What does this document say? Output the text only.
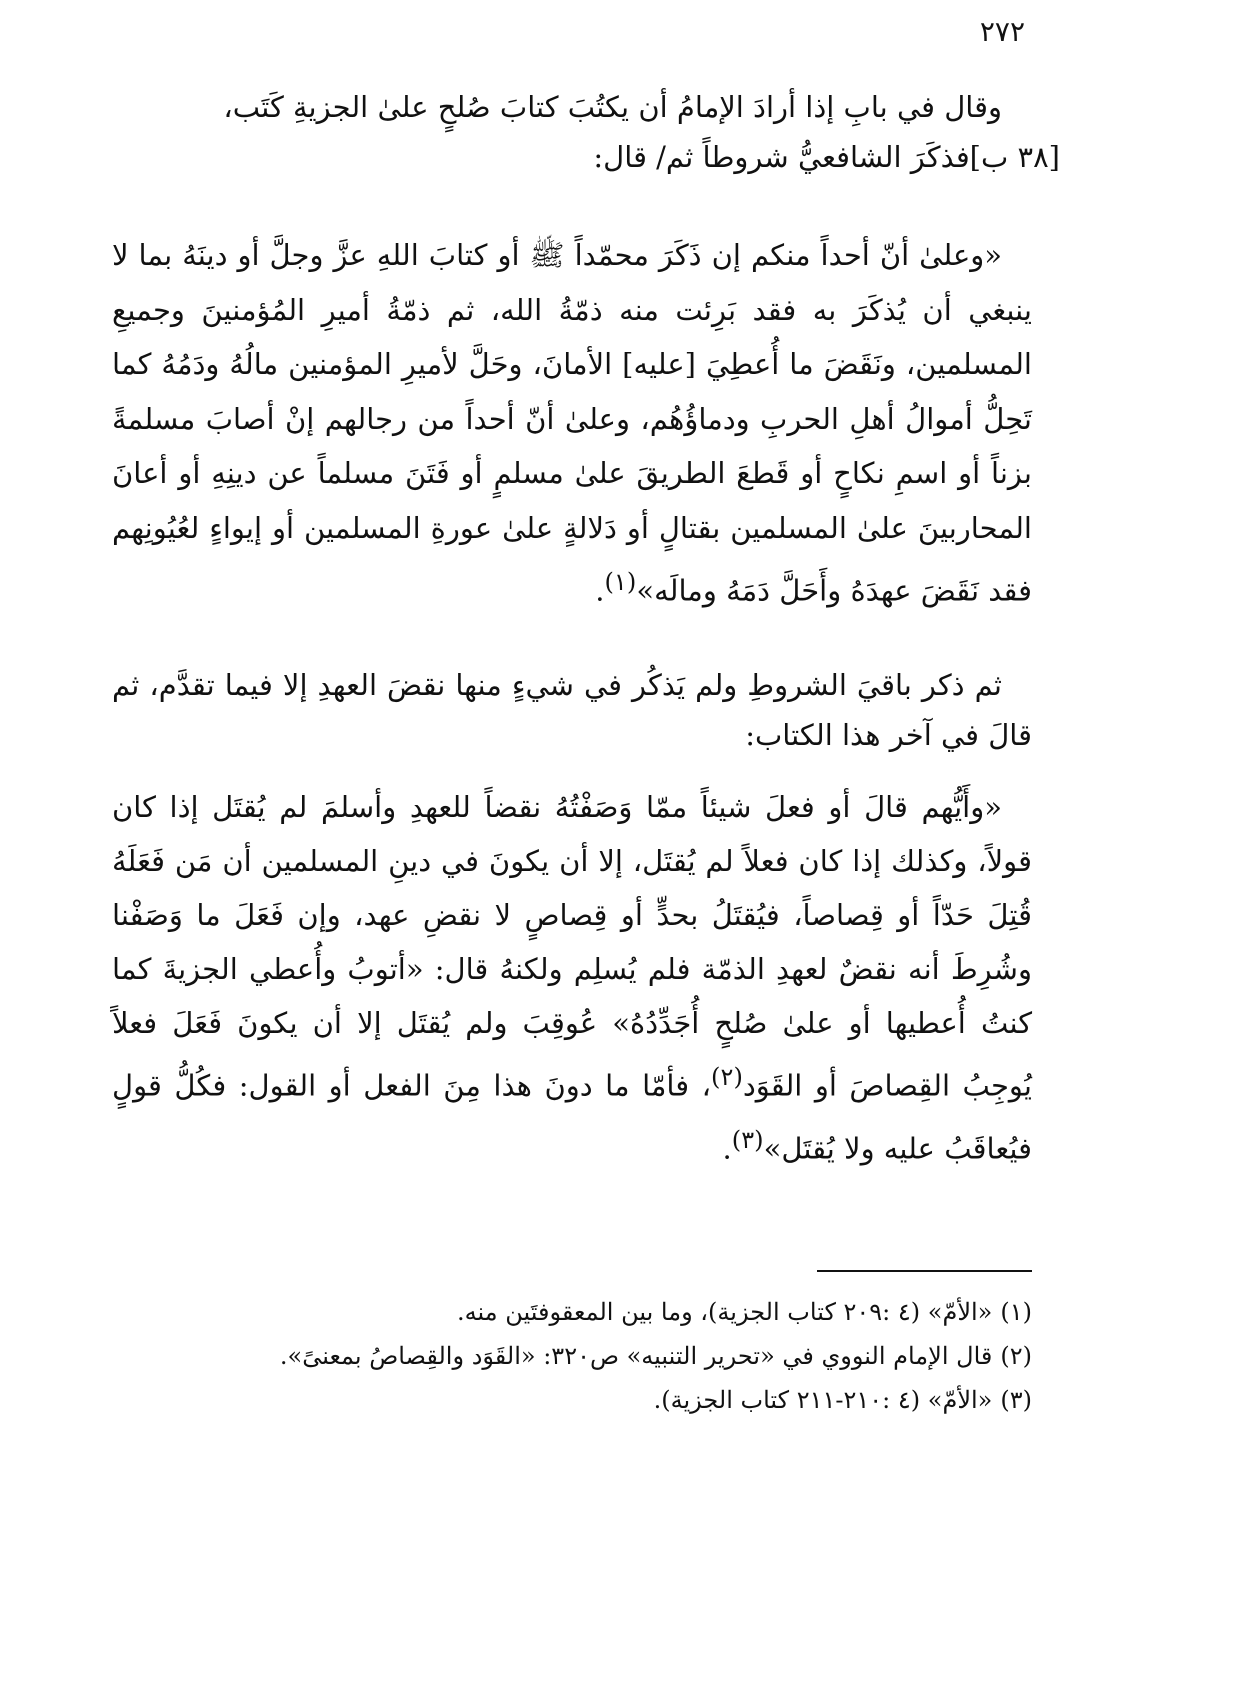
٢٧٢

وقال في بابِ إذا أرادَ الإمامُ أن يكتُبَ كتابَ صُلحٍ علىٰ الجزيةِ كَتَب،

[٣٨ ب]فذكَرَ الشافعيُّ شروطاً ثم/ قال:

«وعلىٰ أنّ أحداً منكم إن ذَكَرَ محمّداً ﷺ أو كتابَ اللهِ عزَّ وجلَّ أو دينَهُ بما لا ينبغي أن يُذكَرَ به فقد بَرِئت منه ذمّةُ الله، ثم ذمّةُ أميرِ المُؤمنينَ وجميعِ المسلمين، ونَقَضَ ما أُعطِيَ [عليه] الأمانَ، وحَلَّ لأميرِ المؤمنين مالُهُ ودَمُهُ كما تَحِلُّ أموالُ أهلِ الحربِ ودماؤُهُم، وعلىٰ أنّ أحداً من رجالهم إنْ أصابَ مسلمةً بزناً أو اسمِ نكاحٍ أو قَطعَ الطريقَ علىٰ مسلمٍ أو فَتَنَ مسلماً عن دينِهِ أو أعانَ المحاربينَ علىٰ المسلمين بقتالٍ أو دَلالةٍ علىٰ عورةِ المسلمين أو إيواءٍ لعُيُونِهم فقد نَقَضَ عهدَهُ وأَحَلَّ دَمَهُ ومالَه»$^{(١)}$.

ثم ذكر باقيَ الشروطِ ولم يَذكُر في شيءٍ منها نقضَ العهدِ إلا فيما تقدَّم، ثم قالَ في آخر هذا الكتاب:

«وأَيُّهم قالَ أو فعلَ شيئاً ممّا وَصَفْتُهُ نقضاً للعهدِ وأسلمَ لم يُقتَل إذا كان قولاً، وكذلك إذا كان فعلاً لم يُقتَل، إلا أن يكونَ في دينِ المسلمين أن مَن فَعَلَهُ قُتِلَ حَدّاً أو قِصاصاً، فيُقتَلُ بحدٍّ أو قِصاصٍ لا نقضِ عهد، وإن فَعَلَ ما وَصَفْنا وشُرِطَ أنه نقضٌ لعهدِ الذمّة فلم يُسلِم ولكنهُ قال: «أتوبُ وأُعطي الجزيةَ كما كنتُ أُعطيها أو علىٰ صُلحٍ أُجَدِّدُهُ» عُوقِبَ ولم يُقتَل إلا أن يكونَ فَعَلَ فعلاً يُوجِبُ القِصاصَ أو القَوَد$^{(٢)}$، فأمّا ما دونَ هذا مِنَ الفعل أو القول: فكُلُّ قولٍ فيُعاقَبُ عليه ولا يُقتَل»$^{(٣)}$.

(١)«الأمّ» (٤ :٢٠٩ كتاب الجزية)، وما بين المعقوفتَين منه.

(٢)قال الإمام النووي في «تحرير التنبيه» ص٣٢٠: «القَوَد والقِصاصُ بمعنىً».

(٣)«الأمّ» (٤ :٢١٠-٢١١ كتاب الجزية).
